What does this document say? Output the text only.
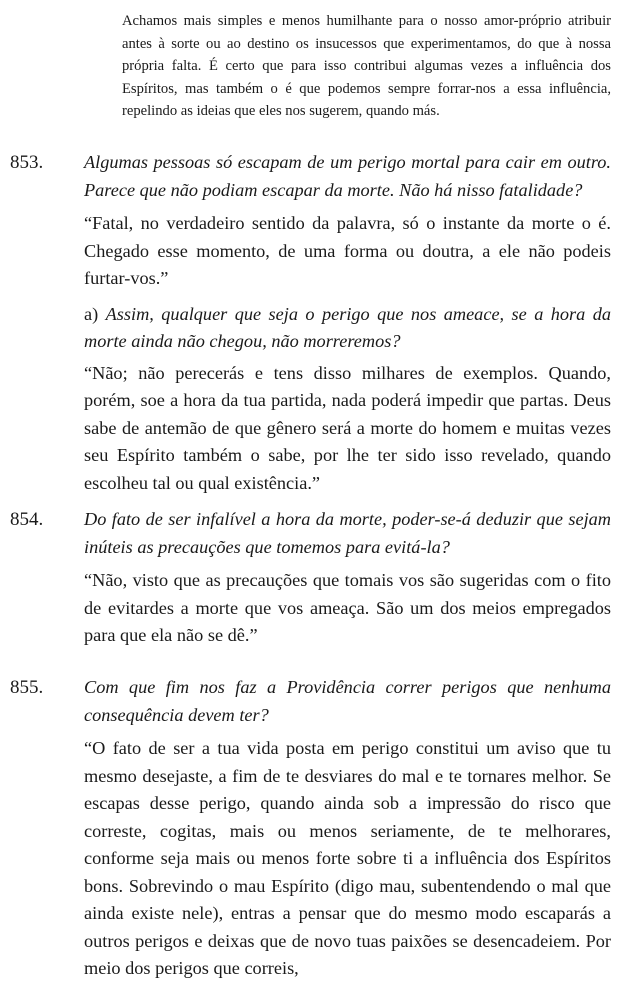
Achamos mais simples e menos humilhante para o nosso amor-próprio atribuir antes à sorte ou ao destino os insucessos que experimentamos, do que à nossa própria falta. É certo que para isso contribui algumas vezes a influência dos Espíritos, mas também o é que podemos sempre forrar-nos a essa influência, repelindo as ideias que eles nos sugerem, quando más.

853. Algumas pessoas só escapam de um perigo mortal para cair em outro. Parece que não podiam escapar da morte. Não há nisso fatalidade?

“Fatal, no verdadeiro sentido da palavra, só o instante da morte o é. Chegado esse momento, de uma forma ou doutra, a ele não podeis furtar-vos.”

a) Assim, qualquer que seja o perigo que nos ameace, se a hora da morte ainda não chegou, não morreremos?

“Não; não perecerás e tens disso milhares de exemplos. Quando, porém, soe a hora da tua partida, nada poderá impedir que partas. Deus sabe de antemão de que gênero será a morte do homem e muitas vezes seu Espírito também o sabe, por lhe ter sido isso revelado, quando escolheu tal ou qual existência.”

854. Do fato de ser infalível a hora da morte, poder-se-á deduzir que sejam inúteis as precauções que tomemos para evitá-la?

“Não, visto que as precauções que tomais vos são sugeridas com o fito de evitardes a morte que vos ameaça. São um dos meios empregados para que ela não se dê.”

855. Com que fim nos faz a Providência correr perigos que nenhuma consequência devem ter?

“O fato de ser a tua vida posta em perigo constitui um aviso que tu mesmo desejaste, a fim de te desviares do mal e te tornares melhor. Se escapas desse perigo, quando ainda sob a impressão do risco que correste, cogitas, mais ou menos seriamente, de te melhorares, conforme seja mais ou menos forte sobre ti a influência dos Espíritos bons. Sobrevindo o mau Espírito (digo mau, subentendendo o mal que ainda existe nele), entras a pensar que do mesmo modo escaparás a outros perigos e deixas que de novo tuas paixões se desencadeiem. Por meio dos perigos que correis,
